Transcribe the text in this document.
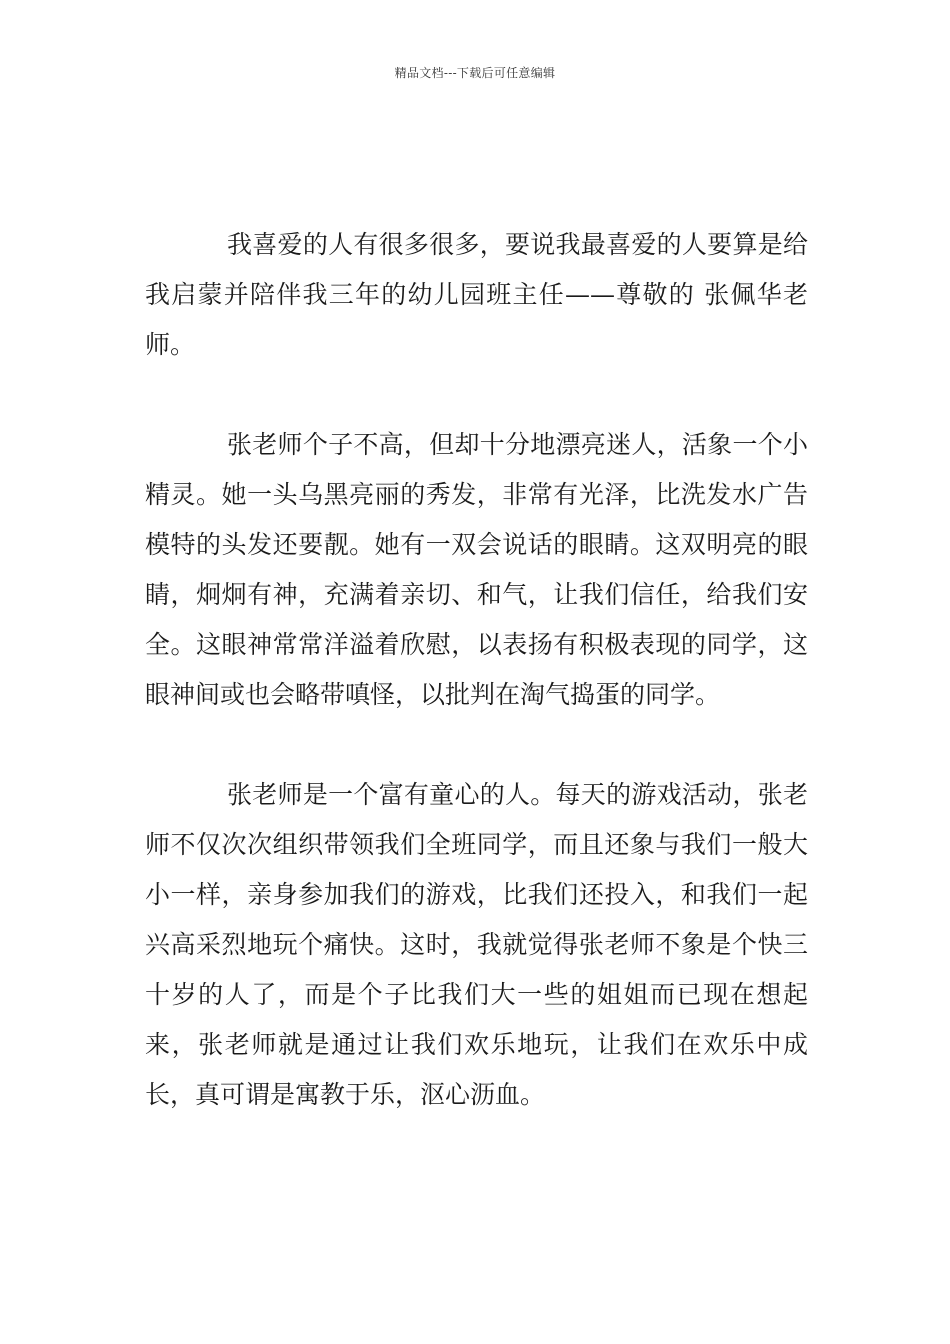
精品文档---下载后可任意编辑

我喜爱的人有很多很多，要说我最喜爱的人要算是给我启蒙并陪伴我三年的幼儿园班主任——尊敬的 张佩华老师。

张老师个子不高，但却十分地漂亮迷人，活象一个小精灵。她一头乌黑亮丽的秀发，非常有光泽，比洗发水广告模特的头发还要靓。她有一双会说话的眼睛。这双明亮的眼睛，炯炯有神，充满着亲切、和气，让我们信任，给我们安全。这眼神常常洋溢着欣慰，以表扬有积极表现的同学，这眼神间或也会略带嗔怪，以批判在淘气捣蛋的同学。

张老师是一个富有童心的人。每天的游戏活动，张老师不仅次次组织带领我们全班同学，而且还象与我们一般大小一样，亲身参加我们的游戏，比我们还投入，和我们一起兴高采烈地玩个痛快。这时，我就觉得张老师不象是个快三十岁的人了，而是个子比我们大一些的姐姐而已现在想起来，张老师就是通过让我们欢乐地玩，让我们在欢乐中成长，真可谓是寓教于乐，沤心沥血。
